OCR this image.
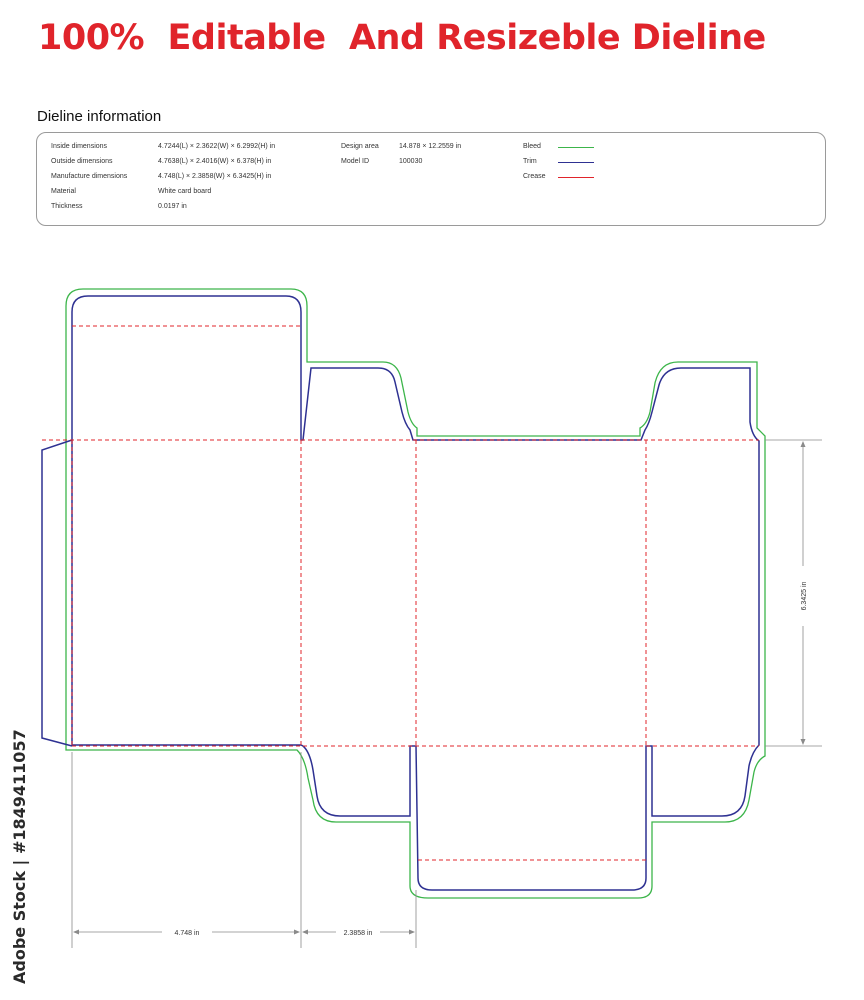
100%  Editable  And Resizeble Dieline
Dieline information
Inside dimensions	4.7244(L) × 2.3622(W) × 6.2992(H) in
Outside dimensions	4.7638(L) × 2.4016(W) × 6.378(H) in
Manufacture dimensions	4.748(L) × 2.3858(W) × 6.3425(H) in
Material	White card board
Thickness	0.0197 in
Design area	14.878 × 12.2559 in
Model ID	100030
Bleed
Trim
Crease
4.748 in	2.3858 in
6.3425 in
Adobe Stock | #1849411057
